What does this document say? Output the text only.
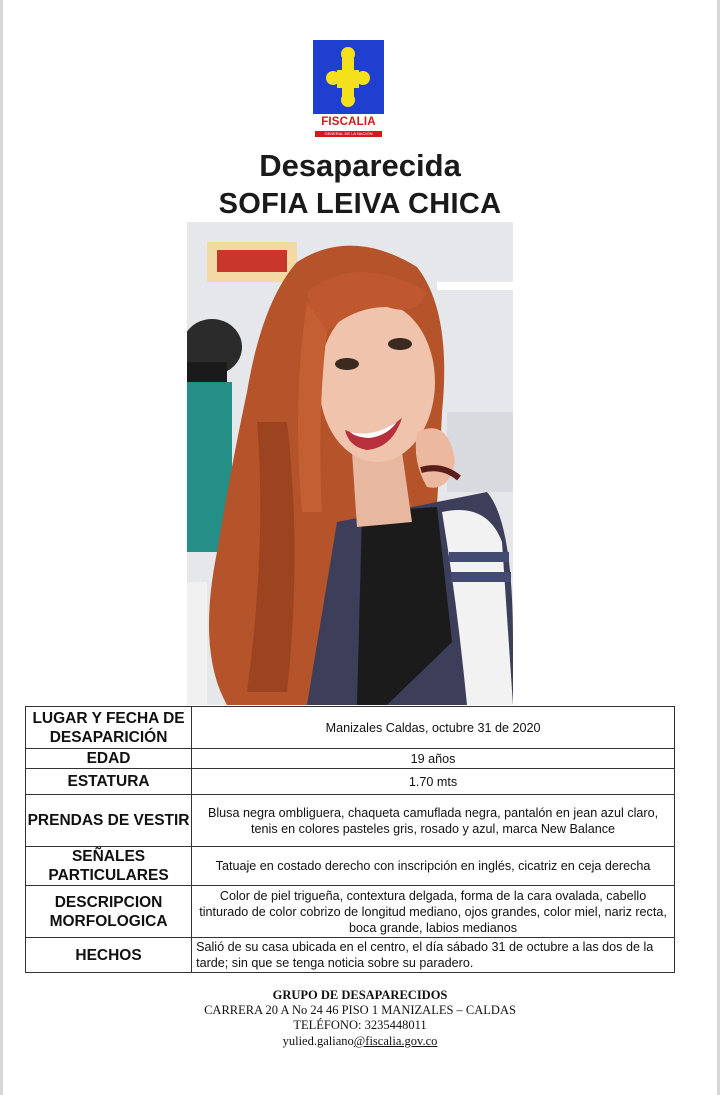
FISCALIA
GENERAL DE LA NACIÓN
Desaparecida
SOFIA LEIVA CHICA
LUGAR Y FECHA DE DESAPARICIÓN	Manizales Caldas, octubre 31 de 2020
EDAD	19 años
ESTATURA	1.70 mts
PRENDAS DE VESTIR	Blusa negra ombliguera, chaqueta camuflada negra, pantalón en jean azul claro, tenis en colores pasteles gris, rosado y azul, marca New Balance
SEÑALES PARTICULARES	Tatuaje en costado derecho con inscripción en inglés, cicatriz en ceja derecha
DESCRIPCION MORFOLOGICA	Color de piel trigueña, contextura delgada, forma de la cara ovalada, cabello tinturado de color cobrizo de longitud mediano, ojos grandes, color miel, nariz recta, boca grande, labios medianos
HECHOS	Salió de su casa ubicada en el centro, el día sábado 31 de octubre a las dos de la tarde; sin que se tenga noticia sobre su paradero.
GRUPO DE DESAPARECIDOS
CARRERA 20 A No 24 46 PISO 1 MANIZALES – CALDAS
TELÉFONO: 3235448011
yulied.galiano@fiscalia.gov.co
